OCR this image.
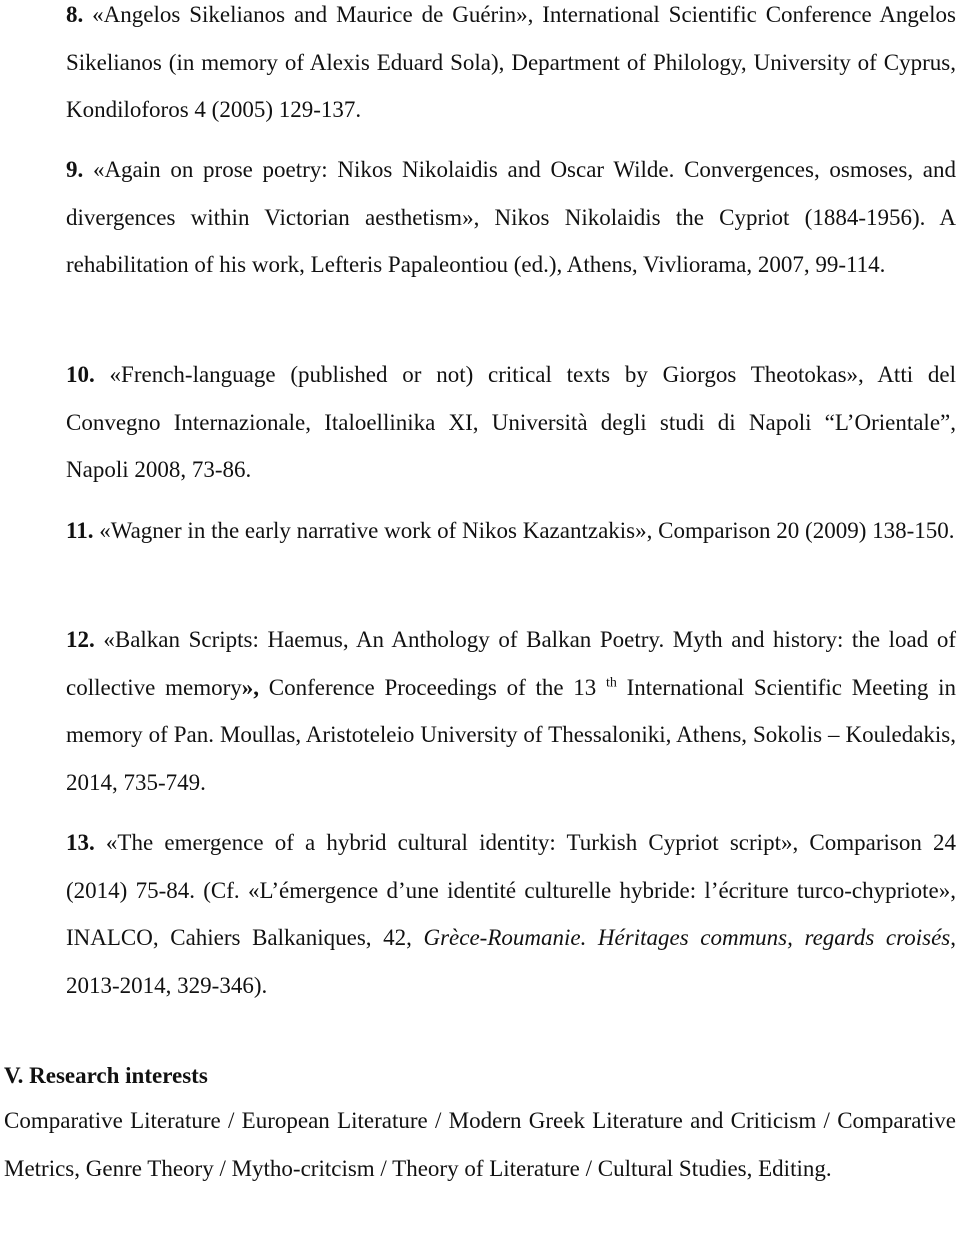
8. «Angelos Sikelianos and Maurice de Guérin», International Scientific Conference Angelos Sikelianos (in memory of Alexis Eduard Sola), Department of Philology, University of Cyprus, Kondiloforos 4 (2005) 129-137.

9. «Again on prose poetry: Nikos Nikolaidis and Oscar Wilde. Convergences, osmoses, and divergences within Victorian aesthetism», Nikos Nikolaidis the Cypriot (1884-1956). A rehabilitation of his work, Lefteris Papaleontiou (ed.), Athens, Vivliorama, 2007, 99-114.

10. «French-language (published or not) critical texts by Giorgos Theotokas», Atti del Convegno Internazionale, Italoellinika XI, Università degli studi di Napoli “L’Orientale”, Napoli 2008, 73-86.

11. «Wagner in the early narrative work of Nikos Kazantzakis», Comparison 20 (2009) 138-150.

12. «Balkan Scripts: Haemus, An Anthology of Balkan Poetry. Myth and history: the load of collective memory», Conference Proceedings of the 13 $^{th}$ International Scientific Meeting in memory of Pan. Moullas, Aristoteleio University of Thessaloniki, Athens, Sokolis – Kouledakis, 2014, 735-749.

13. «The emergence of a hybrid cultural identity: Turkish Cypriot script», Comparison 24 (2014) 75-84. (Cf. «L’émergence d’une identité culturelle hybride: l’écriture turco-chypriote», INALCO, Cahiers Balkaniques, 42, Grèce-Roumanie. Héritages communs, regards croisés, 2013-2014, 329-346).

V. Research interests

Comparative Literature / European Literature / Modern Greek Literature and Criticism / Comparative Metrics, Genre Theory / Mytho-critcism / Theory of Literature / Cultural Studies, Editing.
